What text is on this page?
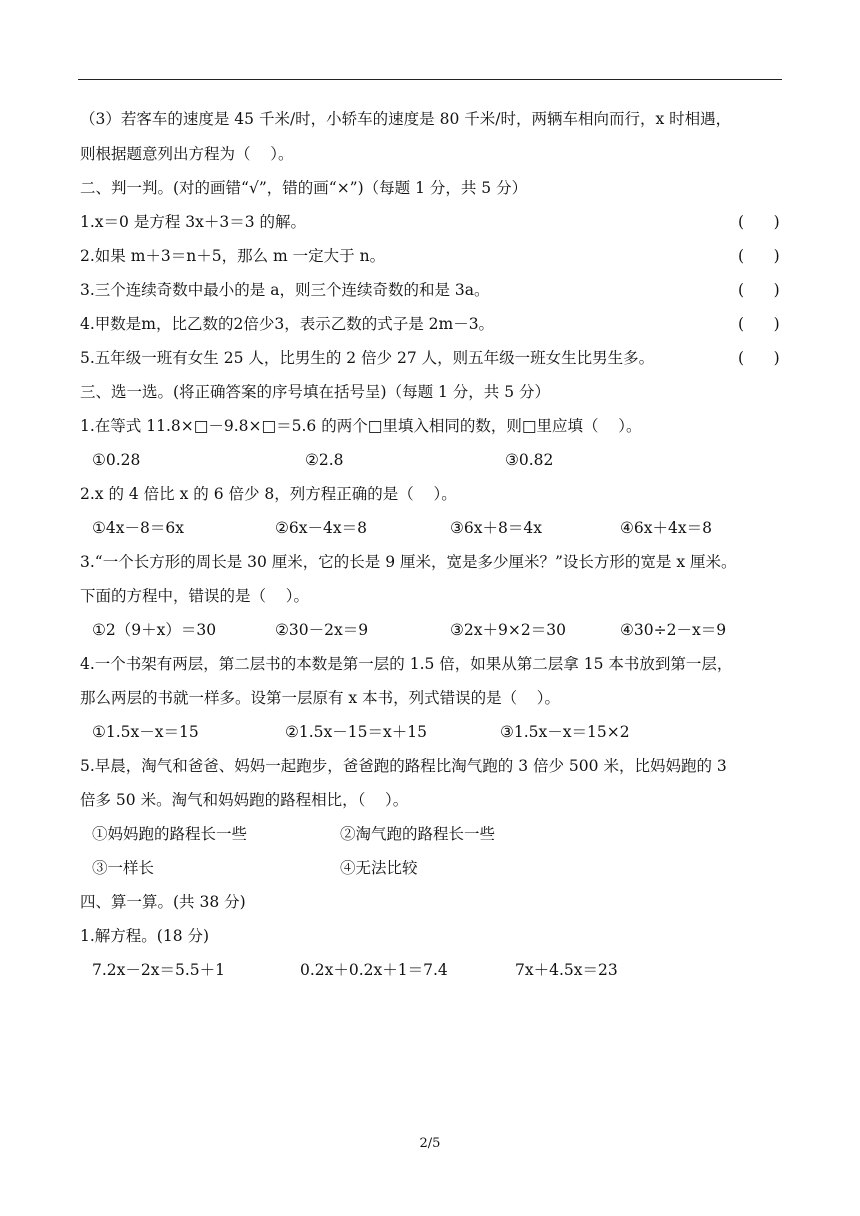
（3）若客车的速度是 45 千米/时，小轿车的速度是 80 千米/时，两辆车相向而行，x 时相遇，
则根据题意列出方程为（    ）。
二、判一判。(对的画错“√”，错的画“×”)（每题 1 分，共 5 分）
1.x＝0 是方程 3x＋3＝3 的解。	(      )
2.如果 m＋3＝n＋5，那么 m 一定大于 n。	(      )
3.三个连续奇数中最小的是 a，则三个连续奇数的和是 3a。	(      )
4.甲数是m，比乙数的2倍少3，表示乙数的式子是 2m－3。	(      )
5.五年级一班有女生 25 人，比男生的 2 倍少 27 人，则五年级一班女生比男生多。	(      )
三、选一选。(将正确答案的序号填在括号呈)（每题 1 分，共 5 分）
1.在等式 11.8×□－9.8×□＝5.6 的两个□里填入相同的数，则□里应填（    ）。
①0.28	②2.8	③0.82
2.x 的 4 倍比 x 的 6 倍少 8，列方程正确的是（    ）。
①4x－8＝6x	②6x－4x＝8	③6x＋8＝4x	④6x＋4x＝8
3.“一个长方形的周长是 30 厘米，它的长是 9 厘米，宽是多少厘米？”设长方形的宽是 x 厘米。
下面的方程中，错误的是（    ）。
①2（9＋x）＝30	②30－2x＝9	③2x＋9×2＝30	④30÷2－x＝9
4.一个书架有两层，第二层书的本数是第一层的 1.5 倍，如果从第二层拿 15 本书放到第一层，
那么两层的书就一样多。设第一层原有 x 本书，列式错误的是（    ）。
①1.5x－x＝15	②1.5x－15＝x＋15	③1.5x－x＝15×2
5.早晨，淘气和爸爸、妈妈一起跑步，爸爸跑的路程比淘气跑的 3 倍少 500 米，比妈妈跑的 3
倍多 50 米。淘气和妈妈跑的路程相比，（    ）。
①妈妈跑的路程长一些	②淘气跑的路程长一些
③一样长	④无法比较
四、算一算。(共 38 分)
1.解方程。(18 分)
7.2x－2x＝5.5＋1	0.2x＋0.2x＋1＝7.4	7x＋4.5x＝23
2/5
